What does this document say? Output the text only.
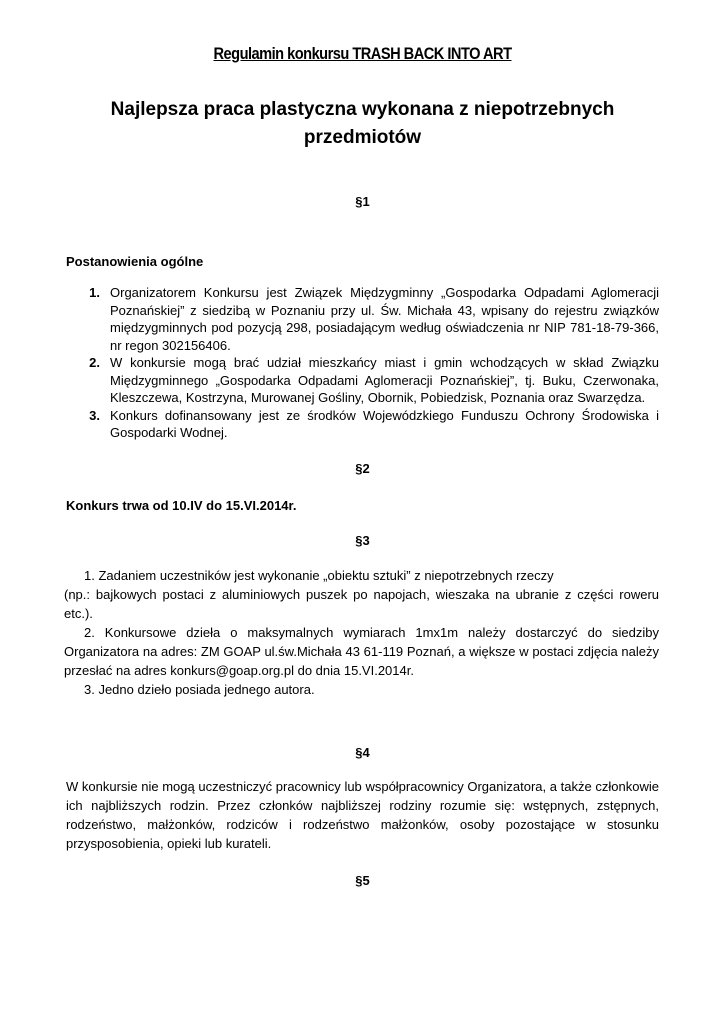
Regulamin konkursu TRASH BACK INTO ART
Najlepsza praca plastyczna wykonana z niepotrzebnych przedmiotów
§1
Postanowienia ogólne
1. Organizatorem Konkursu jest Związek Międzygminny „Gospodarka Odpadami Aglomeracji Poznańskiej” z siedzibą w Poznaniu przy ul. Św. Michała 43, wpisany do rejestru związków międzygminnych pod pozycją 298, posiadającym według oświadczenia nr NIP 781-18-79-366, nr regon 302156406.
2. W konkursie mogą brać udział mieszkańcy miast i gmin wchodzących w skład Związku Międzygminnego „Gospodarka Odpadami Aglomeracji Poznańskiej”, tj. Buku, Czerwonaka, Kleszczewa, Kostrzyna, Murowanej Gośliny, Obornik, Pobiedzisk, Poznania oraz Swarzędza.
3. Konkurs dofinansowany jest ze środków Wojewódzkiego Funduszu Ochrony Środowiska i Gospodarki Wodnej.
§2
Konkurs trwa od 10.IV do 15.VI.2014r.
§3
1. Zadaniem uczestników jest wykonanie „obiektu sztuki” z niepotrzebnych rzeczy
(np.: bajkowych postaci z aluminiowych puszek po napojach, wieszaka na ubranie z części roweru etc.).
2. Konkursowe dzieła o maksymalnych wymiarach 1mx1m należy dostarczyć do siedziby Organizatora na adres: ZM GOAP ul.św.Michała 43 61-119 Poznań, a większe w postaci zdjęcia należy przesłać na adres konkurs@goap.org.pl do dnia 15.VI.2014r.
3. Jedno dzieło posiada jednego autora.
§4
W konkursie nie mogą uczestniczyć pracownicy lub współpracownicy Organizatora, a także członkowie ich najbliższych rodzin. Przez członków najbliższej rodziny rozumie się: wstępnych, zstępnych, rodzeństwo, małżonków, rodziców i rodzeństwo małżonków, osoby pozostające w stosunku przysposobienia, opieki lub kurateli.
§5
